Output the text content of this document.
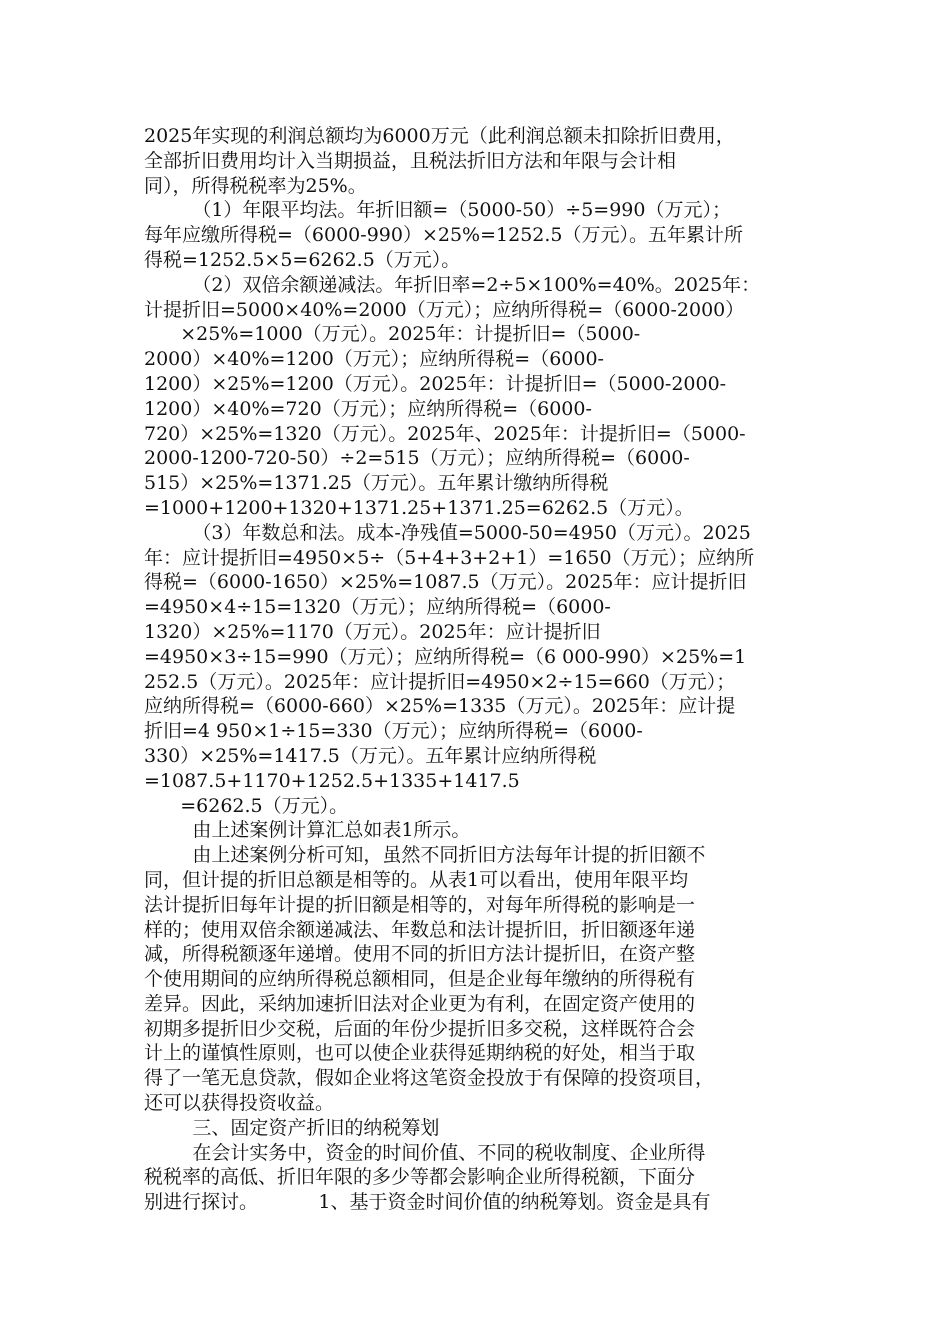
2025年实现的利润总额均为6000万元（此利润总额未扣除折旧费用，
全部折旧费用均计入当期损益，且税法折旧方法和年限与会计相
同），所得税税率为25%。
（1）年限平均法。年折旧额=（5000-50）÷5=990（万元）；
每年应缴所得税=（6000-990）×25%=1252.5（万元）。五年累计所
得税=1252.5×5=6262.5（万元）。
（2）双倍余额递减法。年折旧率=2÷5×100%=40%。2025年：
计提折旧=5000×40%=2000（万元）；应纳所得税=（6000-2000）
×25%=1000（万元）。2025年：计提折旧=（5000-
2000）×40%=1200（万元）；应纳所得税=（6000-
1200）×25%=1200（万元）。2025年：计提折旧=（5000-2000-
1200）×40%=720（万元）；应纳所得税=（6000-
720）×25%=1320（万元）。2025年、2025年：计提折旧=（5000-
2000-1200-720-50）÷2=515（万元）；应纳所得税=（6000-
515）×25%=1371.25（万元）。五年累计缴纳所得税
=1000+1200+1320+1371.25+1371.25=6262.5（万元）。
（3）年数总和法。成本-净残值=5000-50=4950（万元）。2025
年：应计提折旧=4950×5÷（5+4+3+2+1）=1650（万元）；应纳所
得税=（6000-1650）×25%=1087.5（万元）。2025年：应计提折旧
=4950×4÷15=1320（万元）；应纳所得税=（6000-
1320）×25%=1170（万元）。2025年：应计提折旧
=4950×3÷15=990（万元）；应纳所得税=（6 000-990）×25%=1
252.5（万元）。2025年：应计提折旧=4950×2÷15=660（万元）；
应纳所得税=（6000-660）×25%=1335（万元）。2025年：应计提
折旧=4 950×1÷15=330（万元）；应纳所得税=（6000-
330）×25%=1417.5（万元）。五年累计应纳所得税
=1087.5+1170+1252.5+1335+1417.5
=6262.5（万元）。
由上述案例计算汇总如表1所示。
由上述案例分析可知，虽然不同折旧方法每年计提的折旧额不
同，但计提的折旧总额是相等的。从表1可以看出，使用年限平均
法计提折旧每年计提的折旧额是相等的，对每年所得税的影响是一
样的；使用双倍余额递减法、年数总和法计提折旧，折旧额逐年递
减，所得税额逐年递增。使用不同的折旧方法计提折旧，在资产整
个使用期间的应纳所得税总额相同，但是企业每年缴纳的所得税有
差异。因此，采纳加速折旧法对企业更为有利，在固定资产使用的
初期多提折旧少交税，后面的年份少提折旧多交税，这样既符合会
计上的谨慎性原则，也可以使企业获得延期纳税的好处，相当于取
得了一笔无息贷款，假如企业将这笔资金投放于有保障的投资项目，
还可以获得投资收益。
三、固定资产折旧的纳税筹划
在会计实务中，资金的时间价值、不同的税收制度、企业所得
税税率的高低、折旧年限的多少等都会影响企业所得税额，下面分
别进行探讨。          1、基于资金时间价值的纳税筹划。资金是具有
